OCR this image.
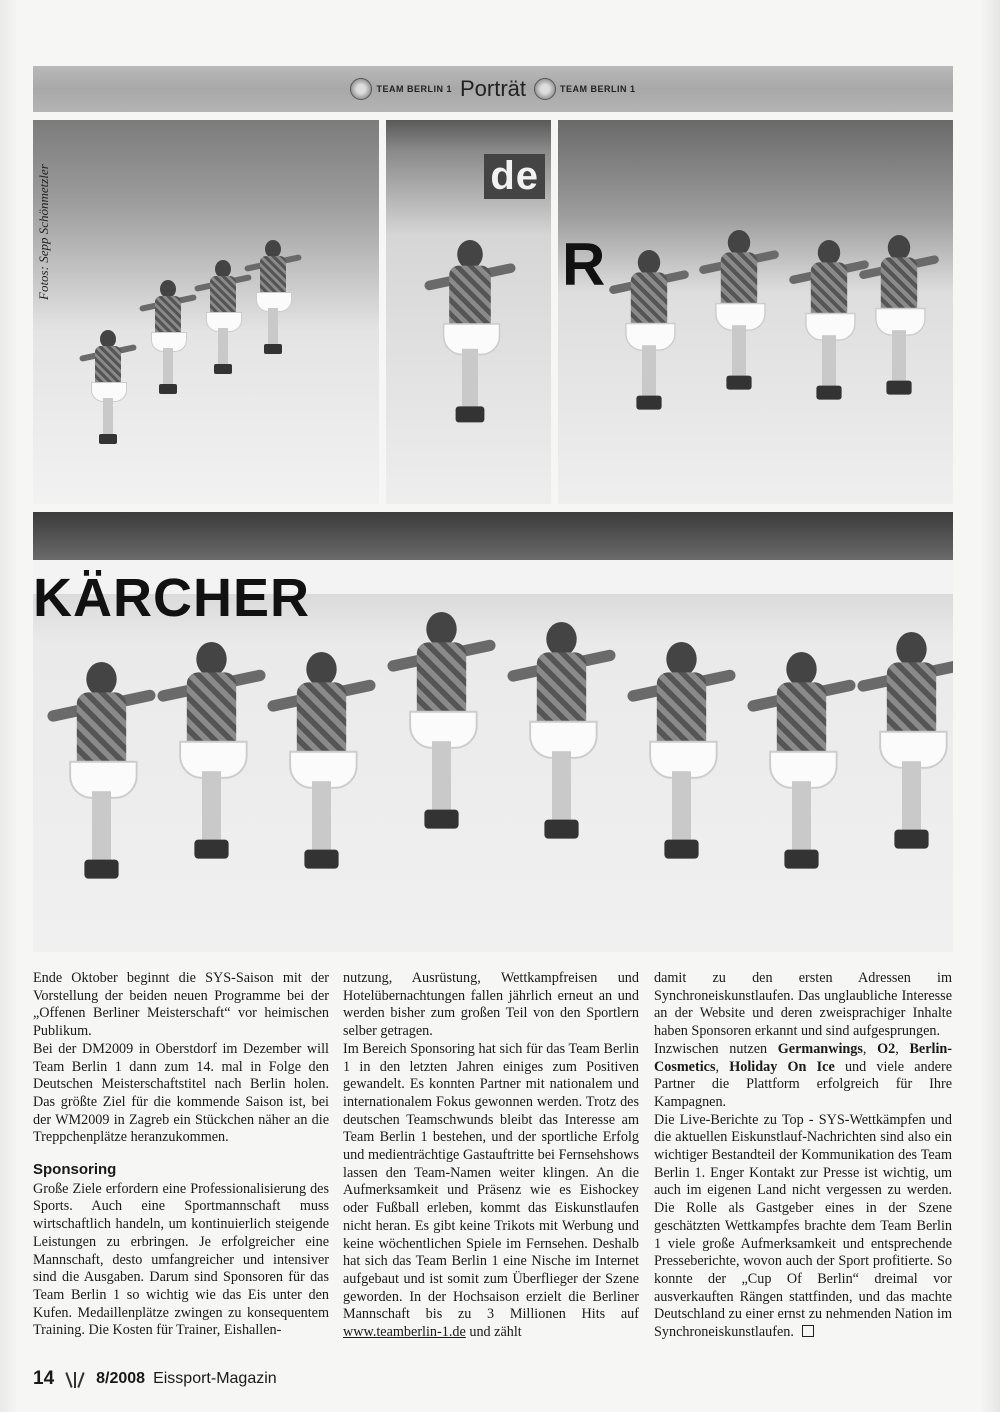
TEAM BERLIN 1 Porträt	TEAM BERLIN 1
Fotos: Sepp Schönmetzler	de
R
KÄRCHER

Ende Oktober beginnt die SYS-Saison mit der Vorstellung der beiden neuen Programme bei der „Offenen Berliner Meisterschaft“ vor heimischen Publikum.

Bei der DM2009 in Oberstdorf im Dezember will Team Berlin 1 dann zum 14. mal in Folge den Deutschen Meisterschaftstitel nach Berlin holen. Das größte Ziel für die kommende Saison ist, bei der WM2009 in Zagreb ein Stückchen näher an die Treppchenplätze heranzukommen.

Sponsoring

Große Ziele erfordern eine Professionalisierung des Sports. Auch eine Sportmannschaft muss wirtschaftlich handeln, um kontinuierlich steigende Leistungen zu erbringen. Je erfolgreicher eine Mannschaft, desto umfangreicher und intensiver sind die Ausgaben. Darum sind Sponsoren für das Team Berlin 1 so wichtig wie das Eis unter den Kufen. Medaillenplätze zwingen zu konsequentem Training. Die Kosten für Trainer, Eishallen-

nutzung, Ausrüstung, Wettkampfreisen und Hotelübernachtungen fallen jährlich erneut an und werden bisher zum großen Teil von den Sportlern selber getragen.

Im Bereich Sponsoring hat sich für das Team Berlin 1 in den letzten Jahren einiges zum Positiven gewandelt. Es konnten Partner mit nationalem und internationalem Fokus gewonnen werden. Trotz des deutschen Teamschwunds bleibt das Interesse am Team Berlin 1 bestehen, und der sportliche Erfolg und medienträchtige Gastauftritte bei Fernsehshows lassen den Team-Namen weiter klingen. An die Aufmerksamkeit und Präsenz wie es Eishockey oder Fußball erleben, kommt das Eiskunstlaufen nicht heran. Es gibt keine Trikots mit Werbung und keine wöchentlichen Spiele im Fernsehen. Deshalb hat sich das Team Berlin 1 eine Nische im Internet aufgebaut und ist somit zum Überflieger der Szene geworden. In der Hochsaison erzielt die Berliner Mannschaft bis zu 3 Millionen Hits auf www.teamberlin-1.de und zählt

damit zu den ersten Adressen im Synchroneiskunstlaufen. Das unglaubliche Interesse an der Website und deren zweisprachiger Inhalte haben Sponsoren erkannt und sind aufgesprungen.

Inzwischen nutzen Germanwings, O2, Berlin-Cosmetics, Holiday On Ice und viele andere Partner die Plattform erfolgreich für Ihre Kampagnen.

Die Live-Berichte zu Top - SYS-Wettkämpfen und die aktuellen Eiskunstlauf-Nachrichten sind also ein wichtiger Bestandteil der Kommunikation des Team Berlin 1. Enger Kontakt zur Presse ist wichtig, um auch im eigenen Land nicht vergessen zu werden. Die Rolle als Gastgeber eines in der Szene geschätzten Wettkampfes brachte dem Team Berlin 1 viele große Aufmerksamkeit und entsprechende Presseberichte, wovon auch der Sport profitierte. So konnte der „Cup Of Berlin“ dreimal vor ausverkauften Rängen stattfinden, und das machte Deutschland zu einer ernst zu nehmenden Nation im Synchroneiskunstlaufen.

14	8/2008 Eissport-Magazin
